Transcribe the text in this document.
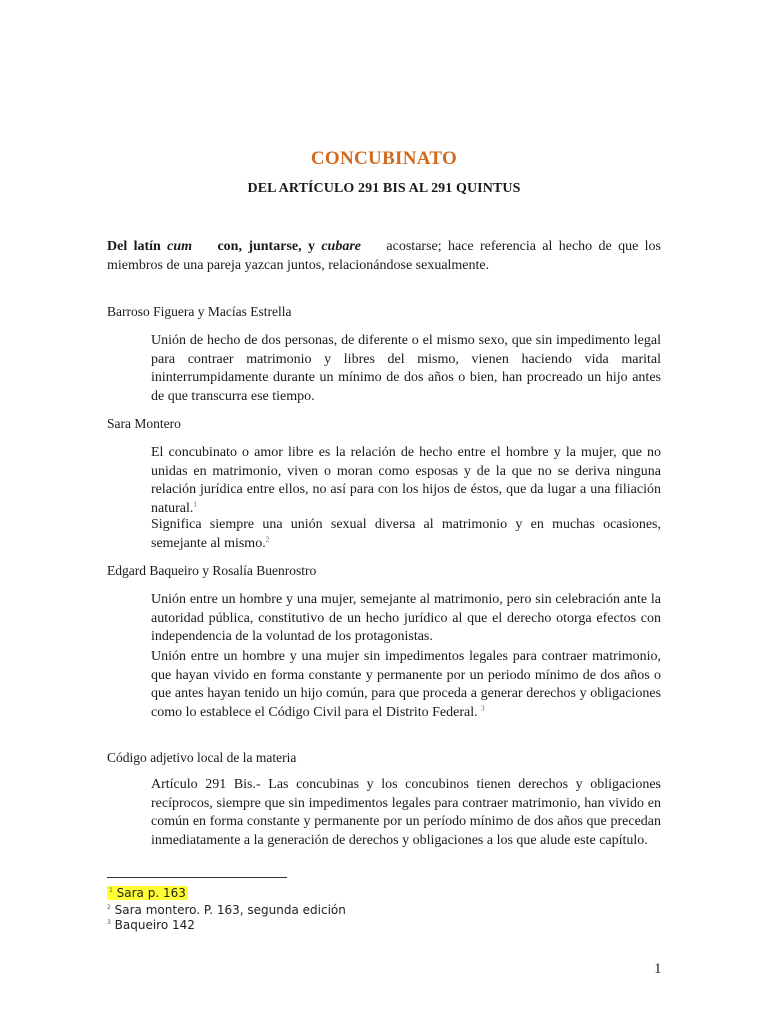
CONCUBINATO
DEL ARTÍCULO 291 BIS AL 291 QUINTUS
Del latín cum    con, juntarse, y cubare    acostarse; hace referencia al hecho de que los miembros de una pareja yazcan juntos, relacionándose sexualmente.
Barroso Figuera y Macías Estrella
Unión de hecho de dos personas, de diferente o el mismo sexo, que sin impedimento legal para contraer matrimonio y libres del mismo, vienen haciendo vida marital ininterrumpidamente durante un mínimo de dos años o bien, han procreado un hijo antes de que transcurra ese tiempo.
Sara Montero
El concubinato o amor libre es la relación de hecho entre el hombre y la mujer, que no unidas en matrimonio, viven o moran como esposas y de la que no se deriva ninguna relación jurídica entre ellos, no así para con los hijos de éstos, que da lugar a una filiación natural.$^1$
Significa siempre una unión sexual diversa al matrimonio y en muchas ocasiones, semejante al mismo.$^2$
Edgard Baqueiro y Rosalía Buenrostro
Unión entre un hombre y una mujer, semejante al matrimonio, pero sin celebración ante la autoridad pública, constitutivo de un hecho jurídico al que el derecho otorga efectos con independencia de la voluntad de los protagonistas.
Unión entre un hombre y una mujer sin impedimentos legales para contraer matrimonio, que hayan vivido en forma constante y permanente por un periodo mínimo de dos años o que antes hayan tenido un hijo común, para que proceda a generar derechos y obligaciones como lo establece el Código Civil para el Distrito Federal. $^3$
Código adjetivo local de la materia
Artículo 291 Bis.- Las concubinas y los concubinos tienen derechos y obligaciones recíprocos, siempre que sin impedimentos legales para contraer matrimonio, han vivido en común en forma constante y permanente por un período mínimo de dos años que precedan inmediatamente a la generación de derechos y obligaciones a los que alude este capítulo.
$^1$ Sara p. 163
$^2$ Sara montero. P. 163, segunda edición
$^3$ Baqueiro 142
1
